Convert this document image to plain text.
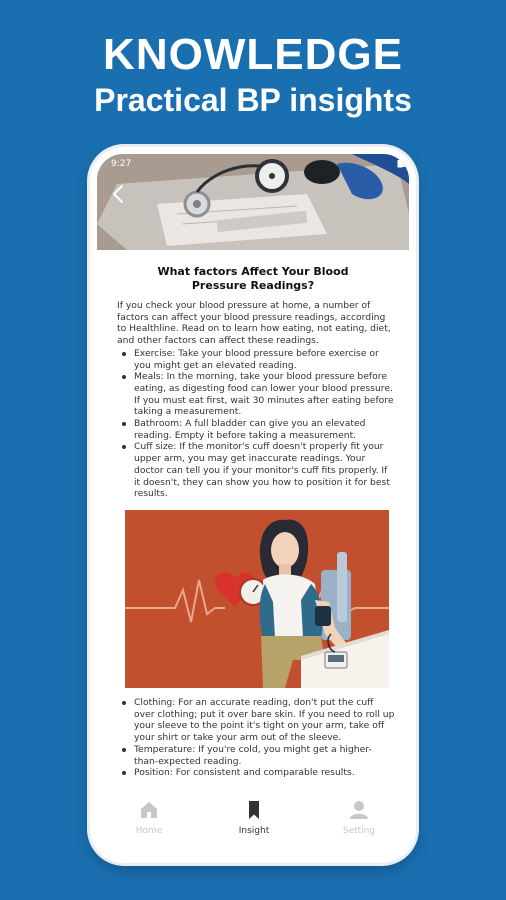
KNOWLEDGE
Practical BP insights
9:27
What factors Affect Your Blood Pressure Readings?

If you check your blood pressure at home, a number of factors can affect your blood pressure readings, according to Healthline. Read on to learn how eating, not eating, diet, and other factors can affect these readings.

Exercise: Take your blood pressure before exercise or you might get an elevated reading.
Meals: In the morning, take your blood pressure before eating, as digesting food can lower your blood pressure. If you must eat first, wait 30 minutes after eating before taking a measurement.
Bathroom: A full bladder can give you an elevated reading. Empty it before taking a measurement.
Cuff size: If the monitor's cuff doesn't properly fit your upper arm, you may get inaccurate readings. Your doctor can tell you if your monitor's cuff fits properly. If it doesn't, they can show you how to position it for best results.
Clothing: For an accurate reading, don't put the cuff over clothing; put it over bare skin. If you need to roll up your sleeve to the point it's tight on your arm, take off your shirt or take your arm out of the sleeve.
Temperature: If you're cold, you might get a higher-than-expected reading.
Position: For consistent and comparable results.
Home	Insight	Setting
